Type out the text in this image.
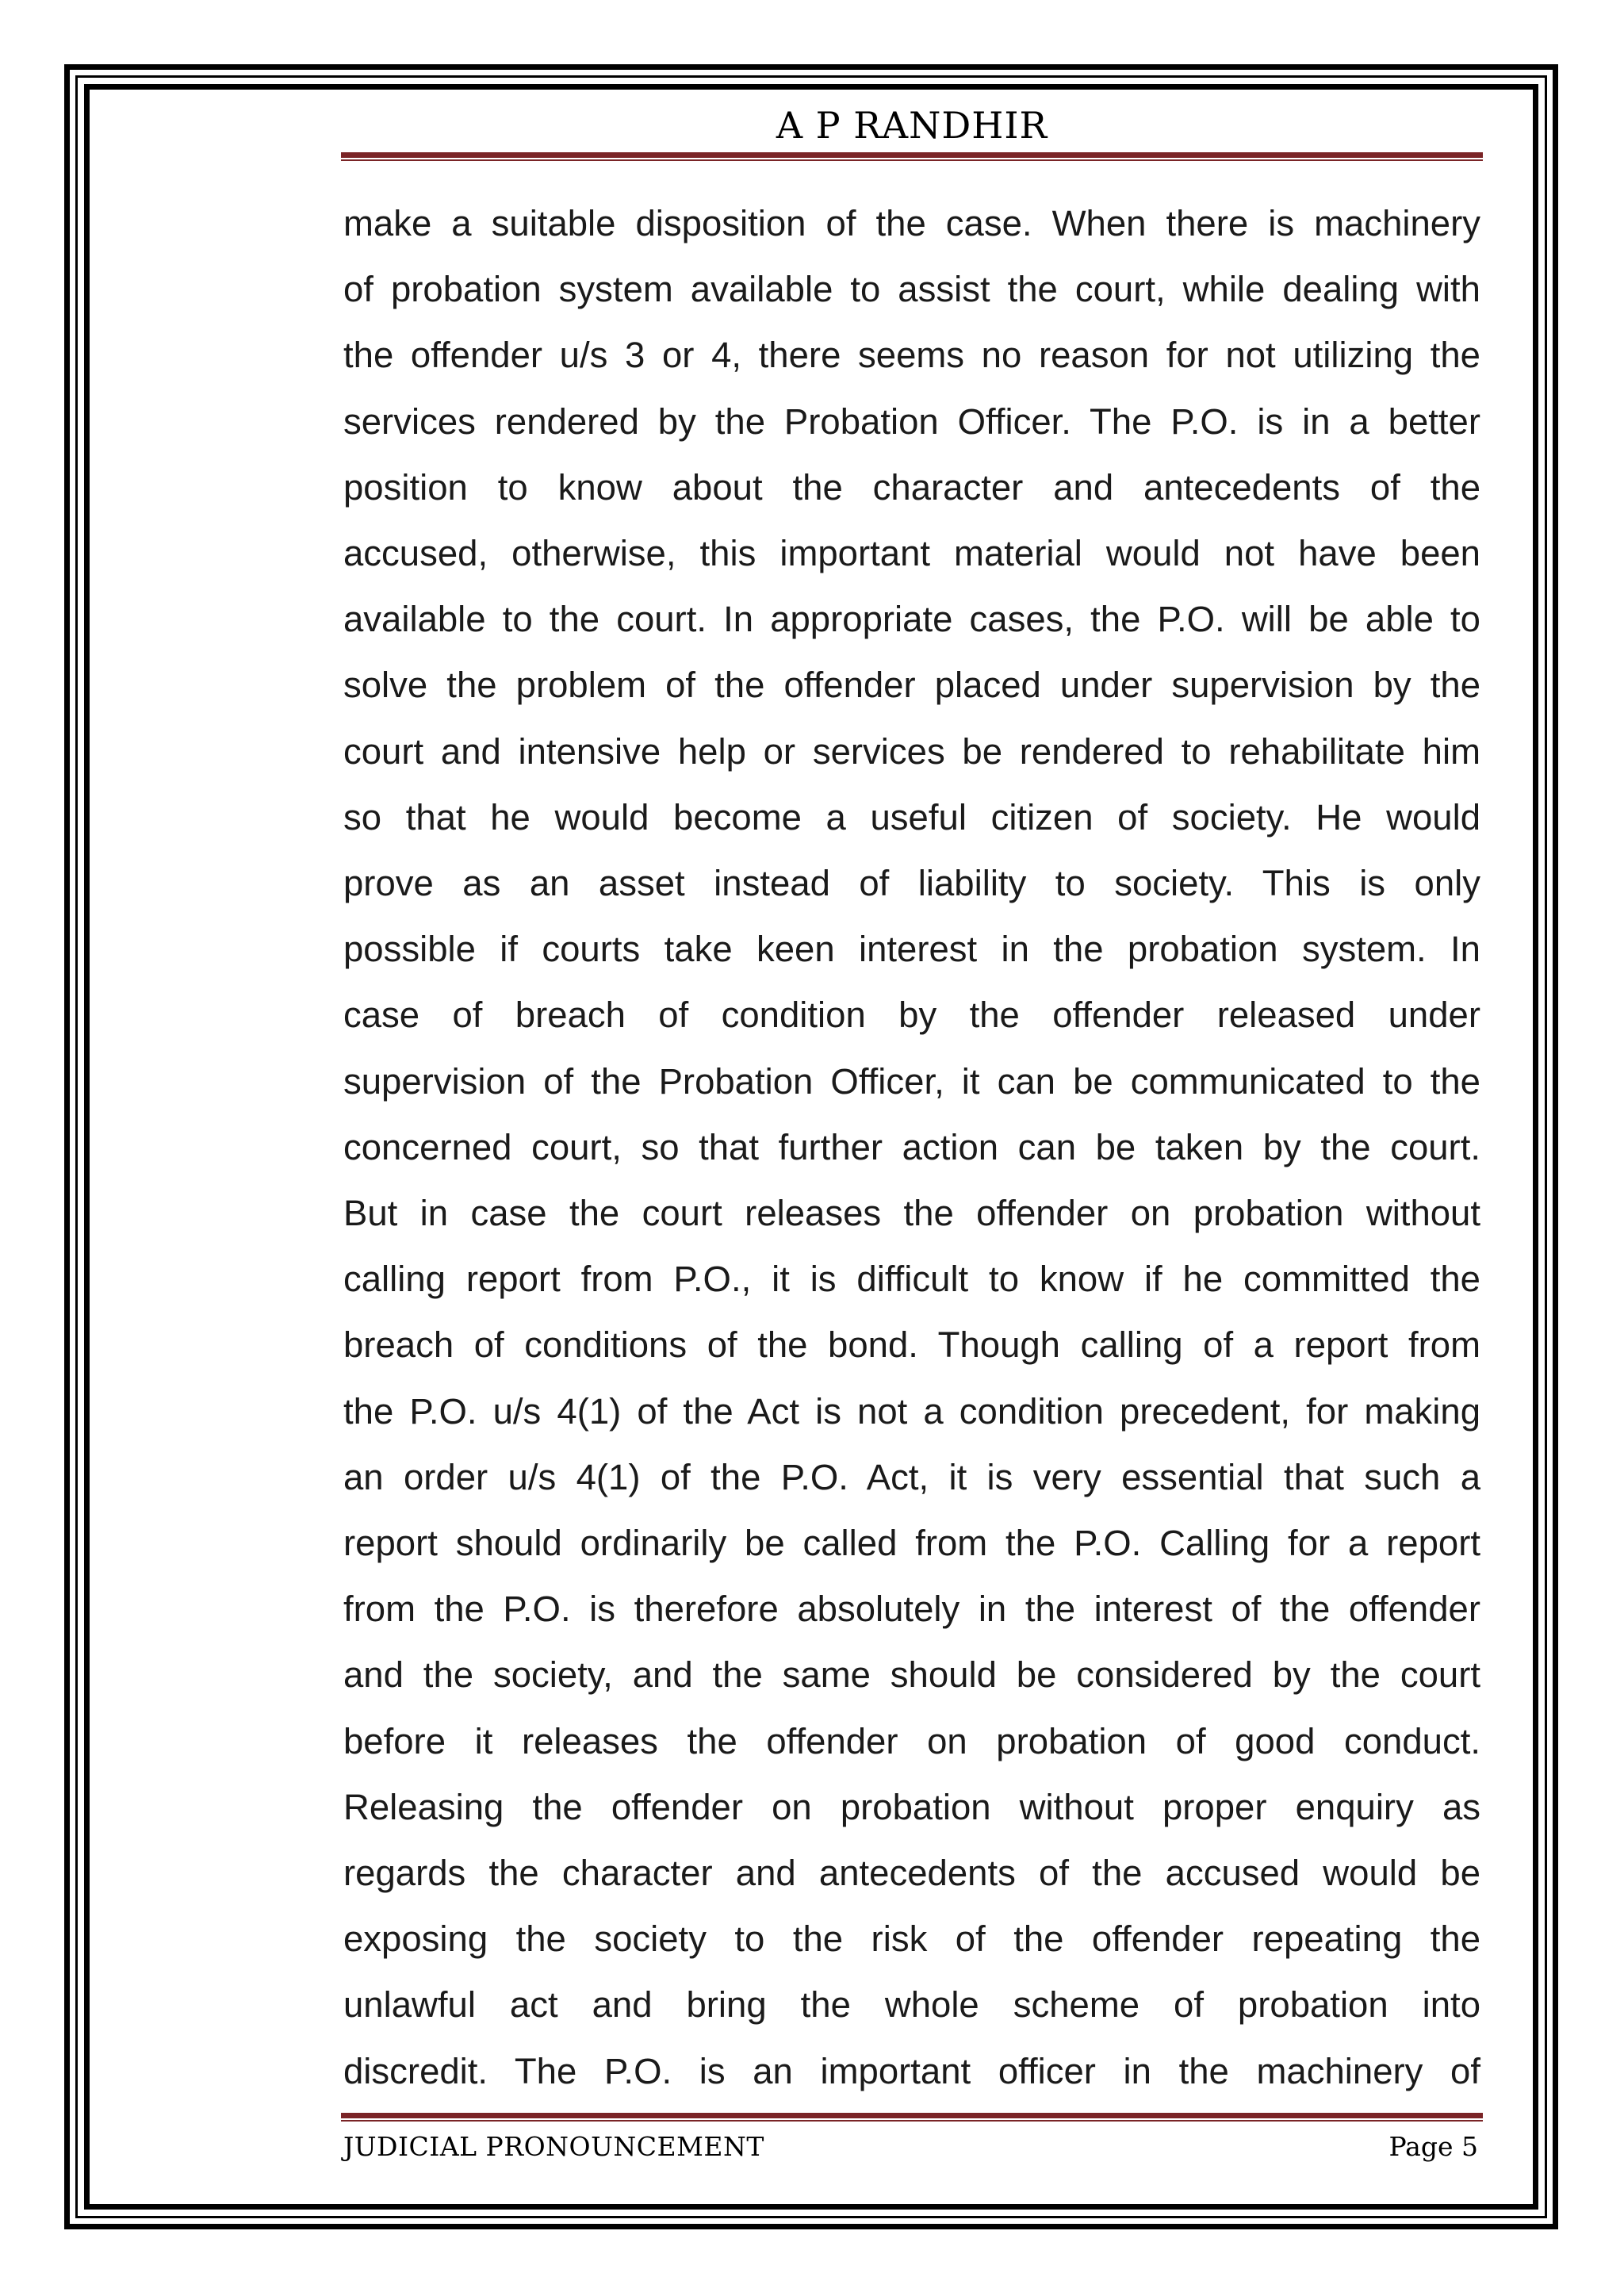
A P RANDHIR
make a suitable disposition of the case. When there is machinery
of probation system available to assist the court, while dealing with
the offender u/s 3 or 4, there seems no reason for not utilizing the
services rendered by the Probation Officer. The P.O. is in a better
position to know about the character and antecedents of the
accused, otherwise, this important material would not have been
available to the court. In appropriate cases, the P.O. will be able to
solve the problem of the offender placed under supervision by the
court and intensive help or services be rendered to rehabilitate him
so that he would become a useful citizen of society. He would
prove as an asset instead of liability to society. This is only
possible if courts take keen interest in the probation system. In
case of breach of condition by the offender released under
supervision of the Probation Officer, it can be communicated to the
concerned court, so that further action can be taken by the court.
But in case the court releases the offender on probation without
calling report from P.O., it is difficult to know if he committed the
breach of conditions of the bond. Though calling of a report from
the P.O. u/s 4(1) of the Act is not a condition precedent, for making
an order u/s 4(1) of the P.O. Act, it is very essential that such a
report should ordinarily be called from the P.O. Calling for a report
from the P.O. is therefore absolutely in the interest of the offender
and the society, and the same should be considered by the court
before it releases the offender on probation of good conduct.
Releasing the offender on probation without proper enquiry as
regards the character and antecedents of the accused would be
exposing the society to the risk of the offender repeating the
unlawful act and bring the whole scheme of probation into
discredit. The P.O. is an important officer in the machinery of
JUDICIAL PRONOUNCEMENT	Page 5
